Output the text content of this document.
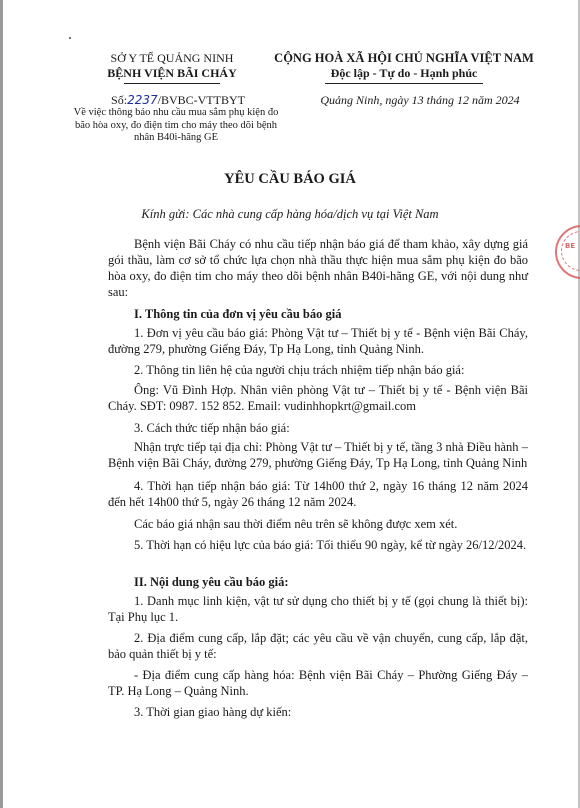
SỞ Y TẾ QUẢNG NINH
BỆNH VIỆN BÃI CHÁY
CỘNG HOÀ XÃ HỘI CHỦ NGHĨA VIỆT NAM
Độc lập - Tự do - Hạnh phúc
Số:2237/BVBC-VTTBYT
Về việc thông báo nhu cầu mua sắm phụ kiện đo bão hòa oxy, đo điện tim cho máy theo dõi bệnh nhân B40i-hãng GE
Quảng Ninh, ngày 13 tháng 12 năm 2024
YÊU CẦU BÁO GIÁ
Kính gửi: Các nhà cung cấp hàng hóa/dịch vụ tại Việt Nam
BE

Bệnh viện Bãi Cháy có nhu cầu tiếp nhận báo giá để tham khảo, xây dựng giá gói thầu, làm cơ sở tổ chức lựa chọn nhà thầu thực hiện mua sắm phụ kiện đo bão hòa oxy, đo điện tim cho máy theo dõi bệnh nhân B40i-hãng GE, với nội dung như sau:

I. Thông tin của đơn vị yêu cầu báo giá

1. Đơn vị yêu cầu báo giá: Phòng Vật tư – Thiết bị y tế - Bệnh viện Bãi Cháy, đường 279, phường Giếng Đáy, Tp Hạ Long, tỉnh Quảng Ninh.

2. Thông tin liên hệ của người chịu trách nhiệm tiếp nhận báo giá:

Ông: Vũ Đình Hợp. Nhân viên phòng Vật tư – Thiết bị y tế - Bệnh viện Bãi Cháy. SĐT: 0987. 152 852. Email: vudinhhopkrt@gmail.com

3. Cách thức tiếp nhận báo giá:

Nhận trực tiếp tại địa chỉ: Phòng Vật tư – Thiết bị y tế, tầng 3 nhà Điều hành – Bệnh viện Bãi Cháy, đường 279, phường Giếng Đáy, Tp Hạ Long, tỉnh Quảng Ninh

4. Thời hạn tiếp nhận báo giá: Từ 14h00 thứ 2, ngày 16 tháng 12 năm 2024 đến hết 14h00 thứ 5, ngày 26 tháng 12 năm 2024.

Các báo giá nhận sau thời điểm nêu trên sẽ không được xem xét.

5. Thời hạn có hiệu lực của báo giá: Tối thiểu 90 ngày, kể từ ngày 26/12/2024.

II. Nội dung yêu cầu báo giá:

1. Danh mục linh kiện, vật tư sử dụng cho thiết bị y tế (gọi chung là thiết bị): Tại Phụ lục 1.

2. Địa điểm cung cấp, lắp đặt; các yêu cầu về vận chuyển, cung cấp, lắp đặt, bảo quản thiết bị y tế:

- Địa điểm cung cấp hàng hóa: Bệnh viện Bãi Cháy – Phường Giếng Đáy – TP. Hạ Long – Quảng Ninh.

3. Thời gian giao hàng dự kiến:
